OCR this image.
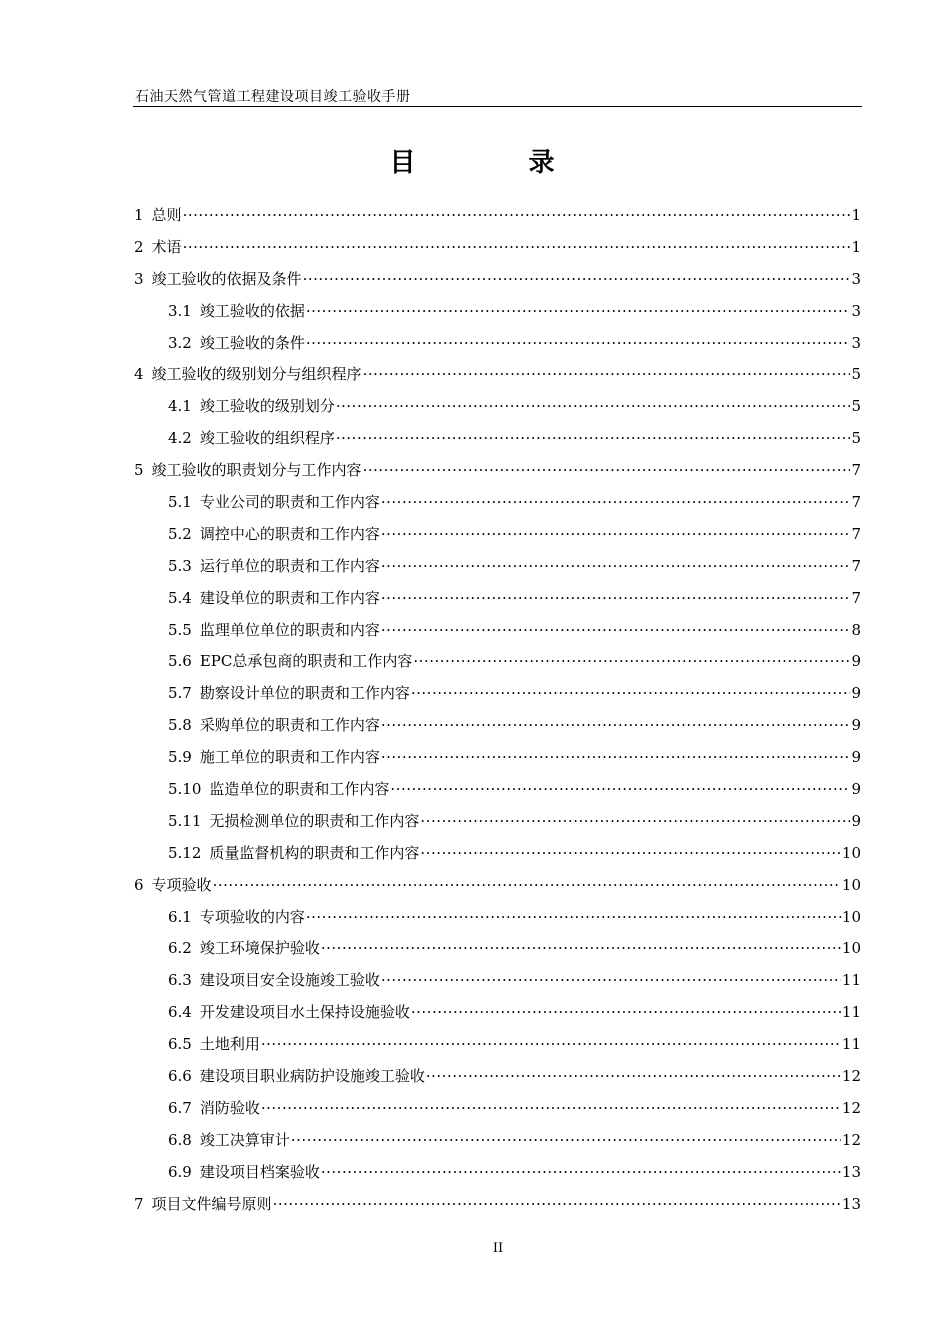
石油天然气管道工程建设项目竣工验收手册
目 录
1 总则 ·····	1
2 术语 ·····	1
3 竣工验收的依据及条件 ·····	3
3.1 竣工验收的依据 ·····	3
3.2 竣工验收的条件 ·····	3
4 竣工验收的级别划分与组织程序 ·····	5
4.1 竣工验收的级别划分 ·····	5
4.2 竣工验收的组织程序 ·····	5
5 竣工验收的职责划分与工作内容 ·····	7
5.1 专业公司的职责和工作内容 ·····	7
5.2 调控中心的职责和工作内容 ·····	7
5.3 运行单位的职责和工作内容 ·····	7
5.4 建设单位的职责和工作内容 ·····	7
5.5 监理单位单位的职责和内容 ·····	8
5.6 EPC总承包商的职责和工作内容 ·····	9
5.7 勘察设计单位的职责和工作内容 ·····	9
5.8 采购单位的职责和工作内容 ·····	9
5.9 施工单位的职责和工作内容 ·····	9
5.10 监造单位的职责和工作内容 ·····	9
5.11 无损检测单位的职责和工作内容 ·····	9
5.12 质量监督机构的职责和工作内容 ·····	10
6 专项验收 ·····	10
6.1 专项验收的内容 ·····	10
6.2 竣工环境保护验收 ·····	10
6.3 建设项目安全设施竣工验收 ·····	11
6.4 开发建设项目水土保持设施验收 ·····	11
6.5 土地利用 ·····	11
6.6 建设项目职业病防护设施竣工验收 ·····	12
6.7 消防验收 ·····	12
6.8 竣工决算审计 ·····	12
6.9 建设项目档案验收 ·····	13
7 项目文件编号原则 ·····	13
II
